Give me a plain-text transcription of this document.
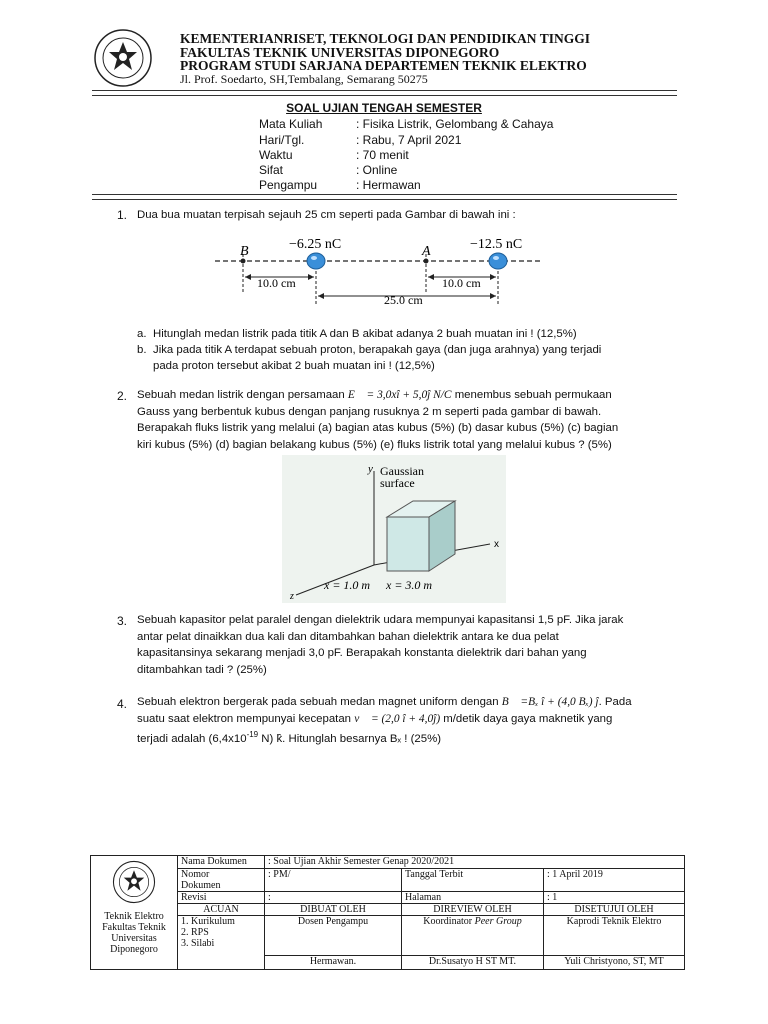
KEMENTERIANRISET, TEKNOLOGI DAN PENDIDIKAN TINGGI
FAKULTAS TEKNIK UNIVERSITAS DIPONEGORO
PROGRAM STUDI SARJANA DEPARTEMEN TEKNIK ELEKTRO
Jl. Prof. Soedarto, SH,Tembalang, Semarang 50275
SOAL UJIAN TENGAH SEMESTER
Mata Kuliah	: Fisika Listrik, Gelombang & Cahaya
Hari/Tgl.	: Rabu, 7 April 2021
Waktu	: 70 menit
Sifat	: Online
Pengampu	: Hermawan
1. Dua bua muatan terpisah sejauh 25 cm seperti pada Gambar di bawah ini :
B	A
−6.25 nC	−12.5 nC
10.0 cm	10.0 cm
25.0 cm
a. Hitunglah medan listrik pada titik A dan B akibat adanya 2 buah muatan ini ! (12,5%)
b. Jika pada titik A terdapat sebuah proton, berapakah gaya (dan juga arahnya) yang terjadi
pada proton tersebut akibat 2 buah muatan ini ! (12,5%)
2. Sebuah medan listrik dengan persamaan E⃗ = 3,0xî + 5,0ĵ N/C menembus sebuah permukaan
Gauss yang berbentuk kubus dengan panjang rusuknya 2 m seperti pada gambar di bawah.
Berapakah fluks listrik yang melalui (a) bagian atas kubus (5%) (b) dasar kubus (5%) (c) bagian
kiri kubus (5%) (d) bagian belakang kubus (5%) (e) fluks listrik total yang melalui kubus ? (5%)
y
x
z
Gaussian
surface
x = 1.0 m x = 3.0 m
3. Sebuah kapasitor pelat paralel dengan dielektrik udara mempunyai kapasitansi 1,5 pF. Jika jarak
antar pelat dinaikkan dua kali dan ditambahkan bahan dielektrik antara ke dua pelat
kapasitansinya sekarang menjadi 3,0 pF. Berapakah konstanta dielektrik dari bahan yang
ditambahkan tadi ? (25%)
4. Sebuah elektron bergerak pada sebuah medan magnet uniform dengan B⃗ =Bₓ î + (4,0 Bₓ) ĵ. Pada
suatu saat elektron mempunyai kecepatan v⃗ = (2,0 î + 4,0ĵ) m/detik daya gaya maknetik yang
terjadi adalah ($6,4x10^{-19}$ N) k̂. Hitunglah besarnya Bₓ ! (25%)
Teknik Elektro
Fakultas Teknik
Universitas
Diponegoro	Nama Dokumen	: Soal Ujian Akhir Semester Genap 2020/2021		

	Nomor
Dokumen	: PM/	Tanggal Terbit	: 1 April 2019
	Revisi	:	Halaman	: 1
	ACUAN	DIBUAT OLEH	DIREVIEW OLEH	DISETUJUI OLEH

	1. Kurikulum
2. RPS
3. Silabi	Dosen Pengampu	Koordinator Peer Group	Kaprodi Teknik Elektro
		Hermawan.	Dr.Susatyo H ST MT.	Yuli Christyono, ST, MT
